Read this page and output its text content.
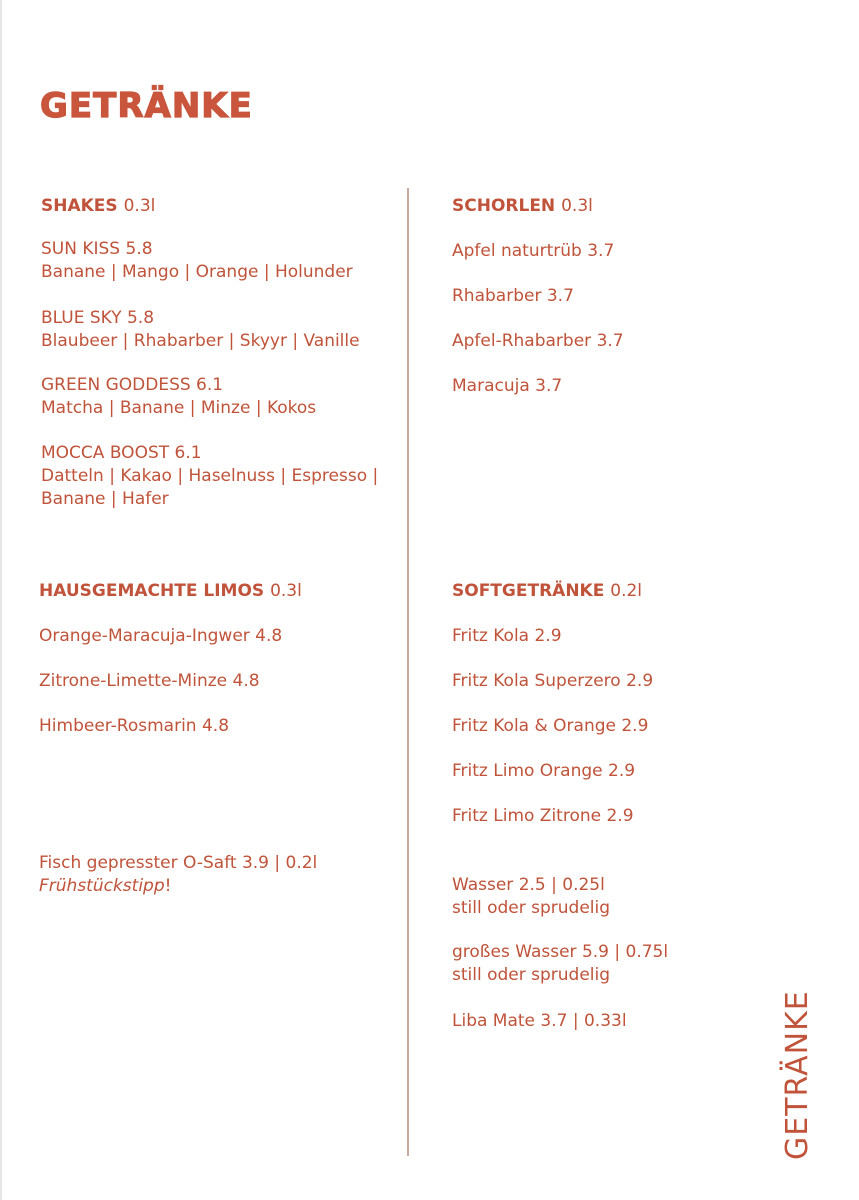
GETRÄNKE
SHAKES 0.3l
SUN KISS 5.8
Banane | Mango | Orange | Holunder
BLUE SKY 5.8
Blaubeer | Rhabarber | Skyyr | Vanille
GREEN GODDESS 6.1
Matcha | Banane | Minze | Kokos
MOCCA BOOST 6.1
Datteln | Kakao | Haselnuss | Espresso | Banane | Hafer
HAUSGEMACHTE LIMOS 0.3l
Orange-Maracuja-Ingwer 4.8
Zitrone-Limette-Minze 4.8
Himbeer-Rosmarin 4.8
Fisch gepresster O-Saft 3.9 | 0.2l
Frühstückstipp!
SCHORLEN 0.3l
Apfel naturtrüb 3.7
Rhabarber 3.7
Apfel-Rhabarber 3.7
Maracuja 3.7
SOFTGETRÄNKE 0.2l
Fritz Kola 2.9
Fritz Kola Superzero 2.9
Fritz Kola & Orange 2.9
Fritz Limo Orange 2.9
Fritz Limo Zitrone 2.9
Wasser 2.5 | 0.25l
still oder sprudelig
großes Wasser 5.9 | 0.75l
still oder sprudelig
Liba Mate 3.7 | 0.33l	GETRÄNKE
